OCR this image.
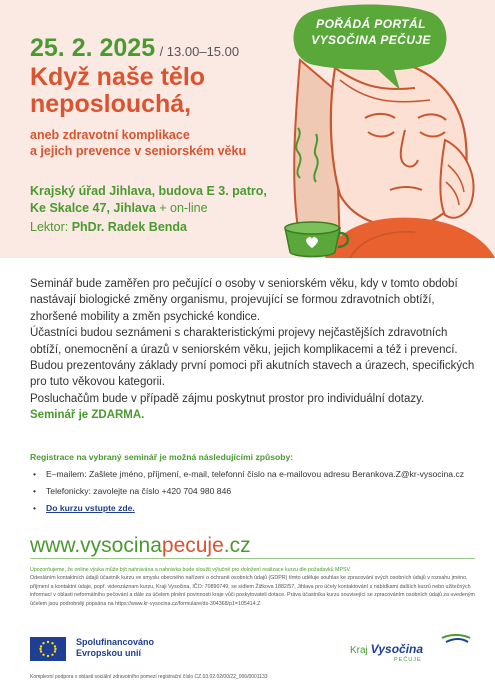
POŘÁDÁ PORTÁL
VYSOČINA PEČUJE
25. 2. 2025 / 13.00–15.00
Když naše tělo
neposlouchá,
aneb zdravotní komplikace
a jejich prevence v seniorském věku
Krajský úřad Jihlava, budova E 3. patro,
Ke Skalce 47, Jihlava + on-line
Lektor: PhDr. Radek Benda

Seminář bude zaměřen pro pečující o osoby v seniorském věku, kdy v tomto období nastávají biologické změny organismu, projevující se formou zdravotních obtíží, zhoršené mobility a změn psychické kondice.

Účastníci budou seznámeni s charakteristickými projevy nejčastějších zdravotních obtíží, onemocnění a úrazů v seniorském věku, jejich komplikacemi a též i prevencí. Budou prezentovány základy první pomoci při akutních stavech a úrazech, specifických pro tuto věkovou kategorii.

Posluchačům bude v případě zájmu poskytnut prostor pro individuální dotazy.

Seminář je ZDARMA.

Registrace na vybraný seminář je možná následujícími způsoby:
• E–mailem: Zašlete jméno, příjmení, e-mail, telefonní číslo na e-mailovou adresu Berankova.Z@kr-vysocina.cz
• Telefonicky: zavolejte na číslo +420 704 980 846
• Do kurzu vstupte zde.
www.vysocinapecuje.cz
Upozorňujeme, že online výuka může být nahrávána a nahrávka bude sloužit výlučně pro doložení realizace kurzu dle požadavků MPSV.
Odesláním kontaktních údajů účastník kurzu ve smyslu obecného nařízení o ochraně osobních údajů (GDPR) tímto uděluje souhlas ke zpracování svých osobních údajů v rozsahu jméno, příjmení a kontaktní údaje, popř. videozáznam kurzu, Kraji Vysočina, IČO: 70890749, se sídlem Žižkova 1882/57, Jihlava pro účely kontaktování s nabídkami dalších kurzů nebo užitečných informací v oblasti neformálního pečování a dále za účelem plnění povinnosti kraje vůči poskytovateli dotace. Práva účastníka kurzu související se zpracováním osobních údajů za uvedeným účelem jsou podrobněji popsána na https://www.kr-vysocina.cz/formulare/ds-304368/p1=105414.Z
Spolufinancováno
Evropskou unií	Kraj Vysočina
PEČUJE
Komplexní podpora v oblasti sociální zdravotního pomezí registrační číslo CZ.03.02.02/00/22_006/0001133
